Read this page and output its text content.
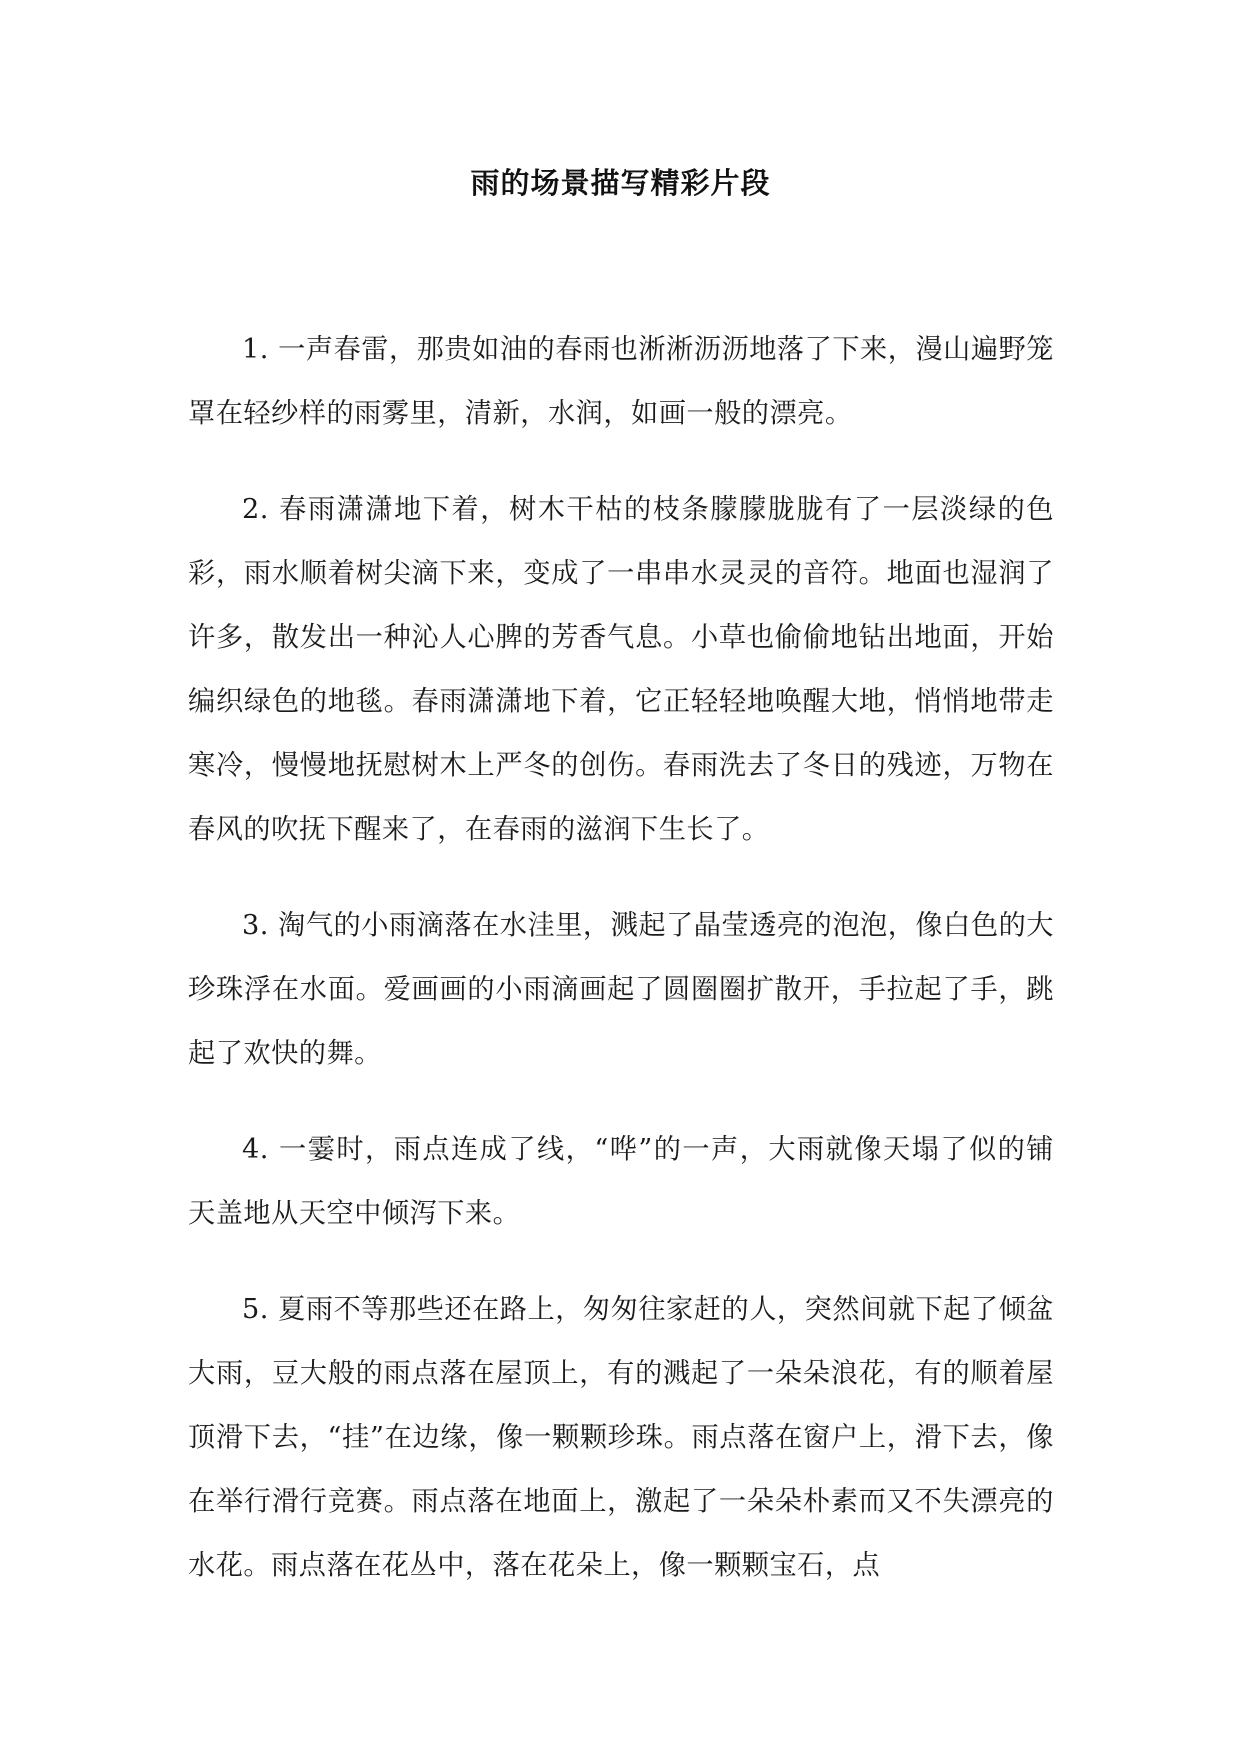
雨的场景描写精彩片段

1. 一声春雷，那贵如油的春雨也淅淅沥沥地落了下来，漫山遍野笼罩在轻纱样的雨雾里，清新，水润，如画一般的漂亮。

2. 春雨潇潇地下着，树木干枯的枝条朦朦胧胧有了一层淡绿的色彩，雨水顺着树尖滴下来，变成了一串串水灵灵的音符。地面也湿润了许多，散发出一种沁人心脾的芳香气息。小草也偷偷地钻出地面，开始编织绿色的地毯。春雨潇潇地下着，它正轻轻地唤醒大地，悄悄地带走寒冷，慢慢地抚慰树木上严冬的创伤。春雨洗去了冬日的残迹，万物在春风的吹抚下醒来了，在春雨的滋润下生长了。

3. 淘气的小雨滴落在水洼里，溅起了晶莹透亮的泡泡，像白色的大珍珠浮在水面。爱画画的小雨滴画起了圆圈圈扩散开，手拉起了手，跳起了欢快的舞。

4. 一霎时，雨点连成了线，“哗”的一声，大雨就像天塌了似的铺天盖地从天空中倾泻下来。

5. 夏雨不等那些还在路上，匆匆往家赶的人，突然间就下起了倾盆大雨，豆大般的雨点落在屋顶上，有的溅起了一朵朵浪花，有的顺着屋顶滑下去，“挂”在边缘，像一颗颗珍珠。雨点落在窗户上，滑下去，像在举行滑行竞赛。雨点落在地面上，激起了一朵朵朴素而又不失漂亮的水花。雨点落在花丛中，落在花朵上，像一颗颗宝石，点
